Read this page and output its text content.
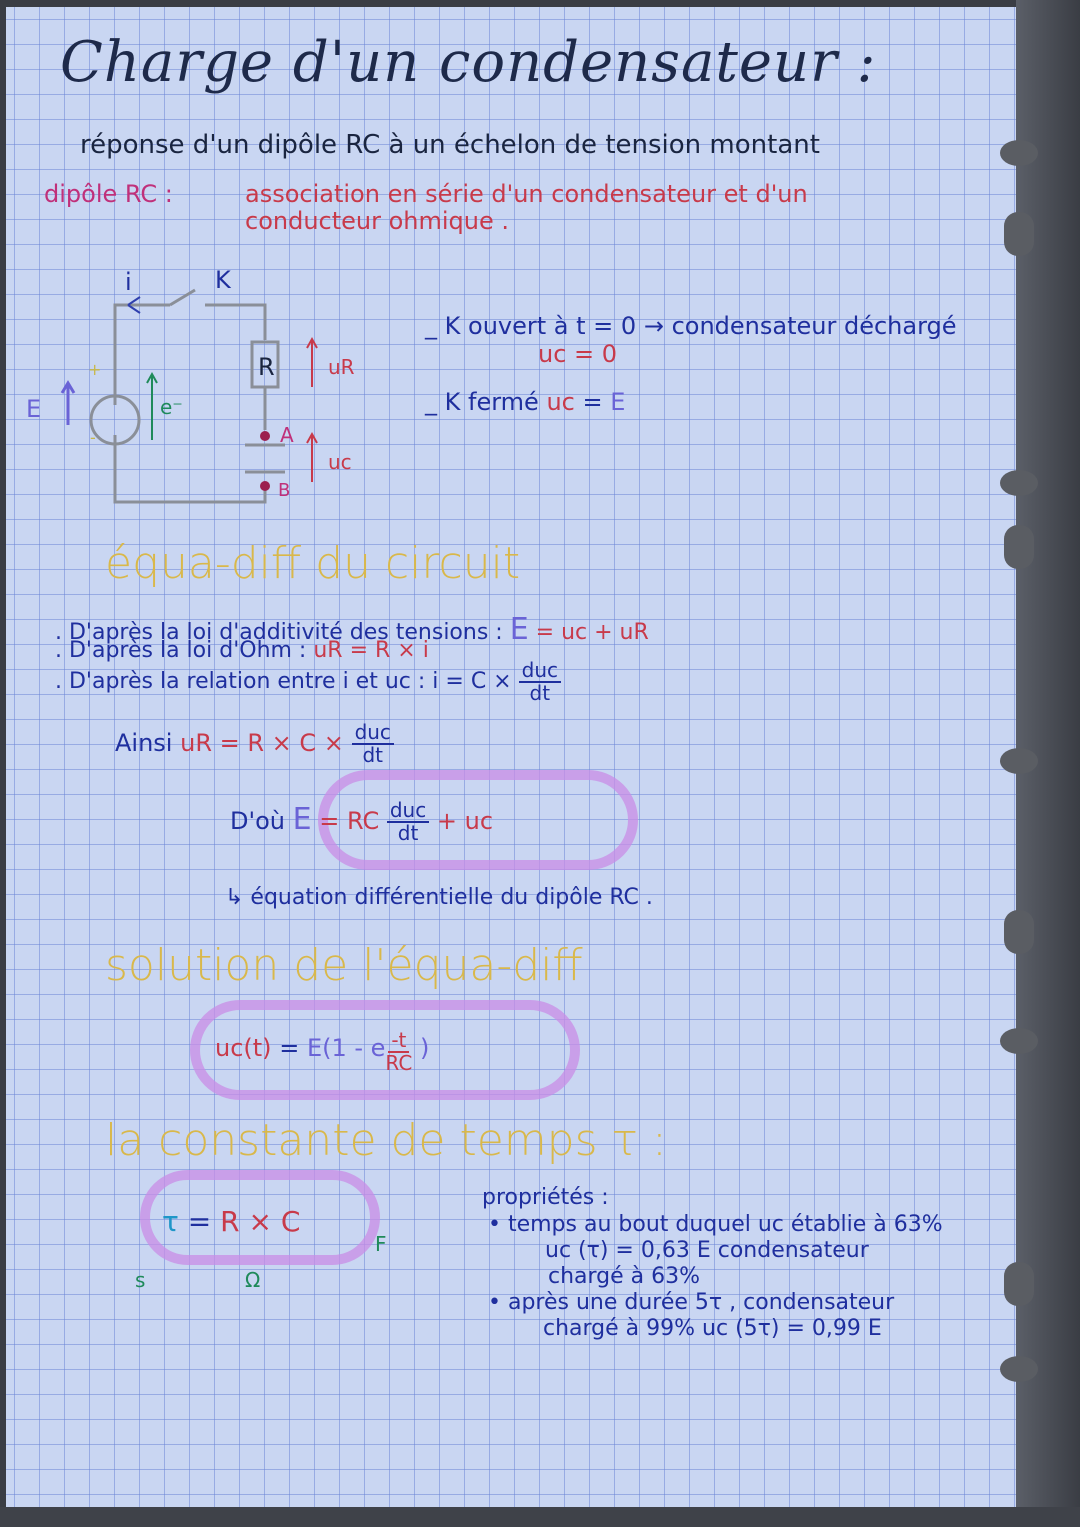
Charge d'un condensateur :
réponse d'un dipôle RC à un échelon de tension montant
dipôle RC :	association en série d'un condensateur et d'un
conducteur ohmique .
R
i	K
uR
uc
A
B
E	e⁻
+
-
_ K ouvert à t = 0 → condensateur déchargé
uc = 0
_ K fermé uc = E
équa-diff du circuit
. D'après la loi d'additivité des tensions : E = uc + uR
. D'après la loi d'Ohm : uR = R × i
. D'après la relation entre i et uc : $i = C \times \frac{\text{duc}}{dt}$
Ainsi uR = $R \times C \times \frac{\text{duc}}{dt}$
D'où E = RC $\frac{\text{duc}}{dt}$ + uc
↳ équation différentielle du dipôle RC .
solution de l'équa-diff
uc(t) = E(1 - e $^{\frac{-t}{RC}}$ )
la constante de temps τ :
τ = R × C
s	Ω
F
propriétés :
• temps au bout duquel uc établie à 63%
uc (τ) = 0,63 E condensateur
chargé à 63%
• après une durée 5τ , condensateur
chargé à 99% uc (5τ) = 0,99 E
